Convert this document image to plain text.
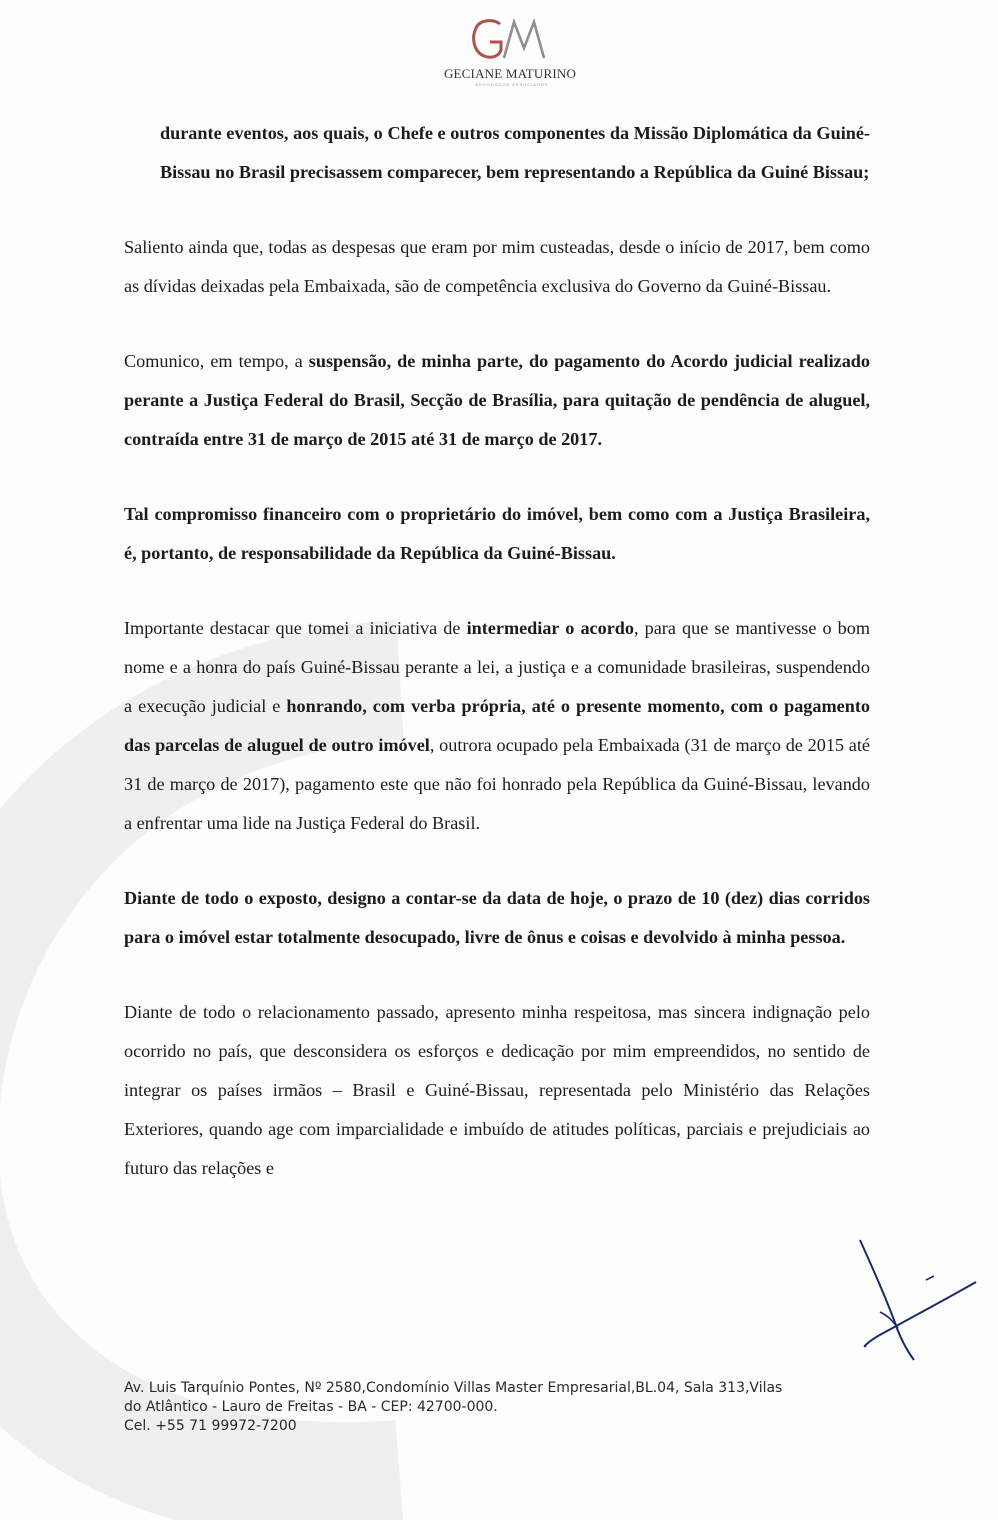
GECIANE MATURINO
ADVOGADOS ASSOCIADOS

durante eventos, aos quais, o Chefe e outros componentes da Missão Diplomática da Guiné-Bissau no Brasil precisassem comparecer, bem representando a República da Guiné Bissau;

Saliento ainda que, todas as despesas que eram por mim custeadas, desde o início de 2017, bem como as dívidas deixadas pela Embaixada, são de competência exclusiva do Governo da Guiné-Bissau.

Comunico, em tempo, a suspensão, de minha parte, do pagamento do Acordo judicial realizado perante a Justiça Federal do Brasil, Secção de Brasília, para quitação de pendência de aluguel, contraída entre 31 de março de 2015 até 31 de março de 2017.

Tal compromisso financeiro com o proprietário do imóvel, bem como com a Justiça Brasileira, é, portanto, de responsabilidade da República da Guiné-Bissau.

Importante destacar que tomei a iniciativa de intermediar o acordo, para que se mantivesse o bom nome e a honra do país Guiné-Bissau perante a lei, a justiça e a comunidade brasileiras, suspendendo a execução judicial e honrando, com verba própria, até o presente momento, com o pagamento das parcelas de aluguel de outro imóvel, outrora ocupado pela Embaixada (31 de março de 2015 até 31 de março de 2017), pagamento este que não foi honrado pela República da Guiné-Bissau, levando a enfrentar uma lide na Justiça Federal do Brasil.

Diante de todo o exposto, designo a contar-se da data de hoje, o prazo de 10 (dez) dias corridos para o imóvel estar totalmente desocupado, livre de ônus e coisas e devolvido à minha pessoa.

Diante de todo o relacionamento passado, apresento minha respeitosa, mas sincera indignação pelo ocorrido no país, que desconsidera os esforços e dedicação por mim empreendidos, no sentido de integrar os países irmãos – Brasil e Guiné-Bissau, representada pelo Ministério das Relações Exteriores, quando age com imparcialidade e imbuído de atitudes políticas, parciais e prejudiciais ao futuro das relações e

Av. Luis Tarquínio Pontes, Nº 2580,Condomínio Villas Master Empresarial,BL.04, Sala 313,Vilas
do Atlântico - Lauro de Freitas - BA - CEP: 42700-000.
Cel. +55 71 99972-7200
